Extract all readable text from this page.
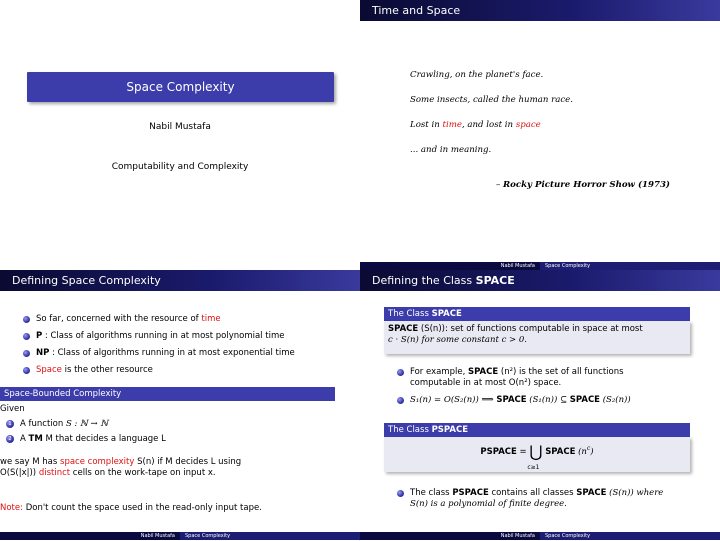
Space Complexity
Nabil Mustafa
Computability and Complexity
Time and Space
Crawling, on the planet's face.
Some insects, called the human race.
Lost in time, and lost in space
... and in meaning.
– Rocky Picture Horror Show (1973)
Nabil Mustafa	Space Complexity
Defining Space Complexity
So far, concerned with the resource of time
P : Class of algorithms running in at most polynomial time
NP : Class of algorithms running in at most exponential time
Space is the other resource
Space-Bounded Complexity
Given
1 A function S : ℕ → ℕ
2 A TM M that decides a language L
we say M has space complexity S(n) if M decides L using
O(S(|x|)) distinct cells on the work-tape on input x.
Note: Don't count the space used in the read-only input tape.
Nabil Mustafa	Space Complexity
Defining the Class SPACE
The Class SPACE
SPACE (S(n)): set of functions computable in space at most
c · S(n) for some constant c > 0.
For example, SPACE (n²) is the set of all functions
computable in at most O(n²) space.
S₁(n) = O(S₂(n)) ⟹ SPACE (S₁(n)) ⊆ SPACE (S₂(n))
The Class PSPACE
PSPACE = ⋃
c≥1
SPACE $(n^c)$
The class PSPACE contains all classes SPACE (S(n)) where
S(n) is a polynomial of finite degree.
Nabil Mustafa	Space Complexity
